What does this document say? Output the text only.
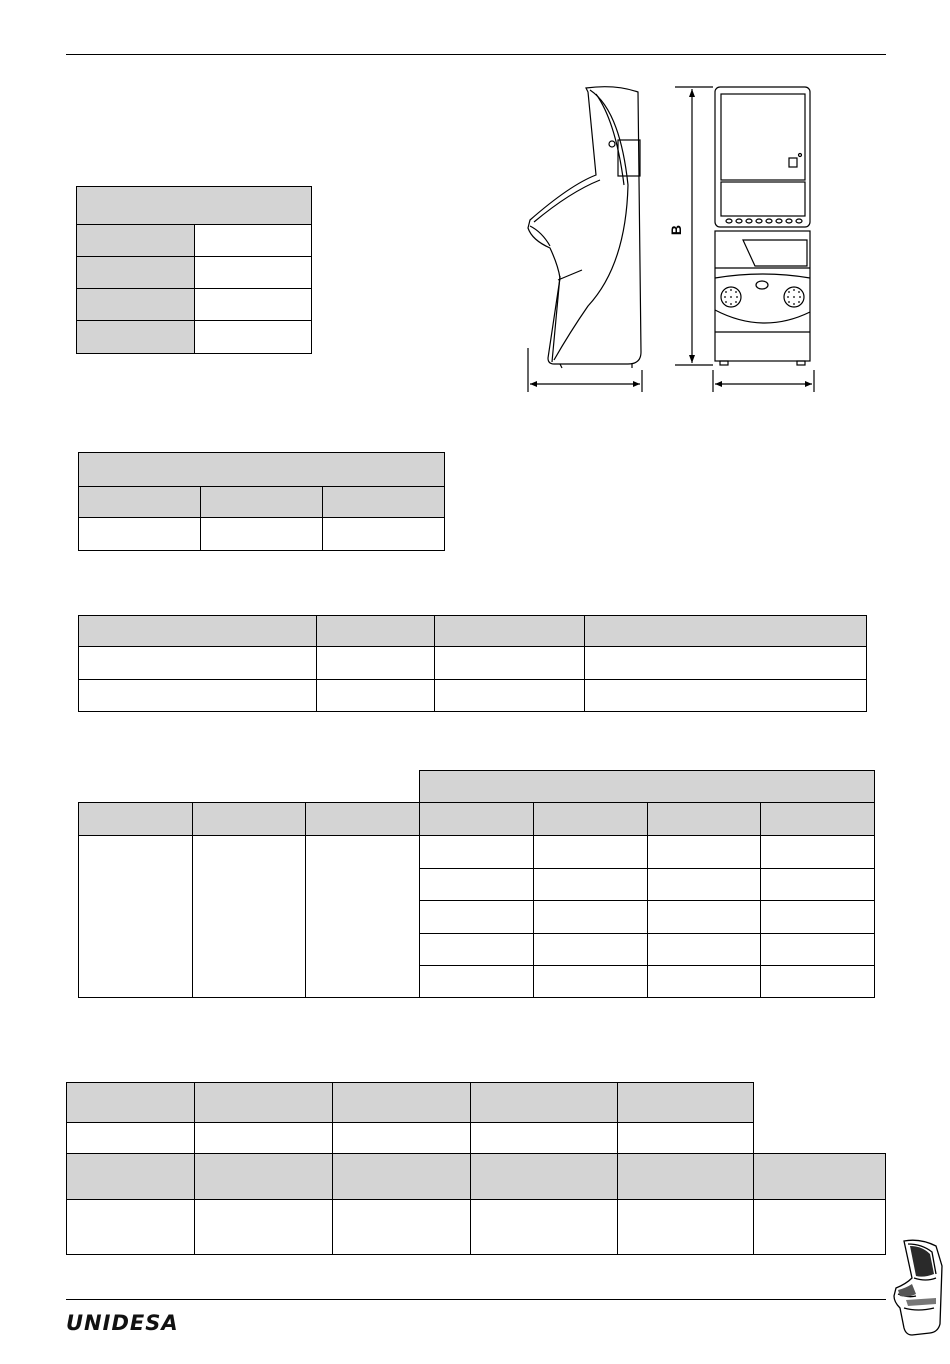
B

UNIDESA
